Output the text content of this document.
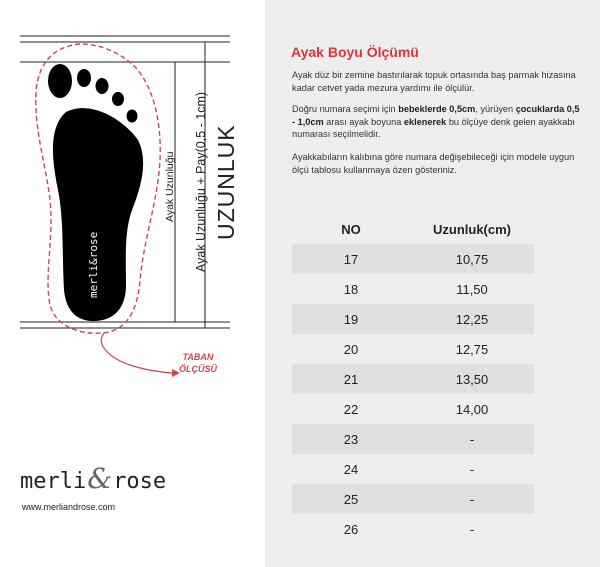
merli&rose
Ayak Uzunluğu Ayak Uzunluğu + Pay(0,5 - 1cm) UZUNLUK
TABAN
ÖLÇÜSÜ
merli&rose
www.merliandrose.com
Ayak Boyu Ölçümü

Ayak düz bir zemine bastırılarak topuk ortasında baş parmak hizasına kadar cetvet yada mezura yardımı ile ölçülür.

Doğru numara seçimi için bebeklerde 0,5cm, yürüyen çocuklarda 0,5 - 1,0cm arası ayak boyuna eklenerek bu ölçüye denk gelen ayakkabı numarası seçilmelidir.

Ayakkabıların kalıbına göre numara değişebileceği için modele uygun ölçü tablosu kullanmaya özen gösteriniz.

NO	Uzunluk(cm)
17	10,75
18	11,50
19	12,25
20	12,75
21	13,50
22	14,00
23	-
24	-
25	-
26	-
